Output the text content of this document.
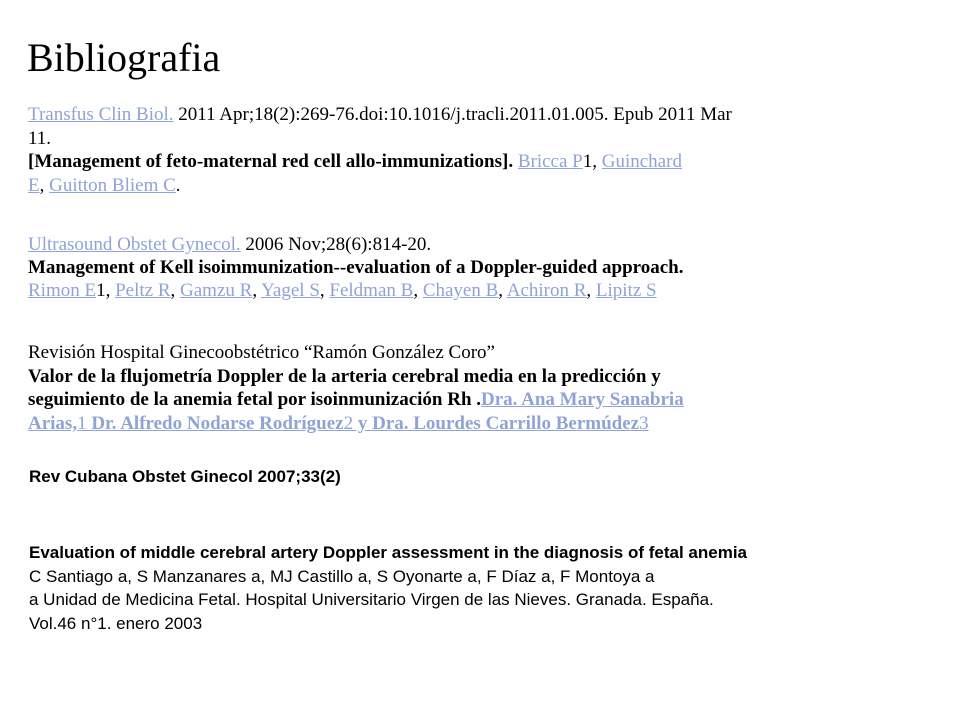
Bibliografia
Transfus Clin Biol. 2011 Apr;18(2):269-76.doi:10.1016/j.tracli.2011.01.005. Epub 2011 Mar
11.
[Management of feto-maternal red cell allo-immunizations]. Bricca P1, Guinchard
E, Guitton Bliem C.
Ultrasound Obstet Gynecol. 2006 Nov;28(6):814-20.
Management of Kell isoimmunization--evaluation of a Doppler-guided approach.
Rimon E1, Peltz R, Gamzu R, Yagel S, Feldman B, Chayen B, Achiron R, Lipitz S
Revisión Hospital Ginecoobstétrico “Ramón González Coro”
Valor de la flujometría Doppler de la arteria cerebral media en la predicción y
seguimiento de la anemia fetal por isoinmunización Rh .Dra. Ana Mary Sanabria
Arias,1 Dr. Alfredo Nodarse Rodríguez2 y Dra. Lourdes Carrillo Bermúdez3
Rev Cubana Obstet Ginecol 2007;33(2)
Evaluation of middle cerebral artery Doppler assessment in the diagnosis of fetal anemia
C Santiago a, S Manzanares a, MJ Castillo a, S Oyonarte a, F Díaz a, F Montoya a
a Unidad de Medicina Fetal. Hospital Universitario Virgen de las Nieves. Granada. España.
Vol.46 n°1. enero 2003
